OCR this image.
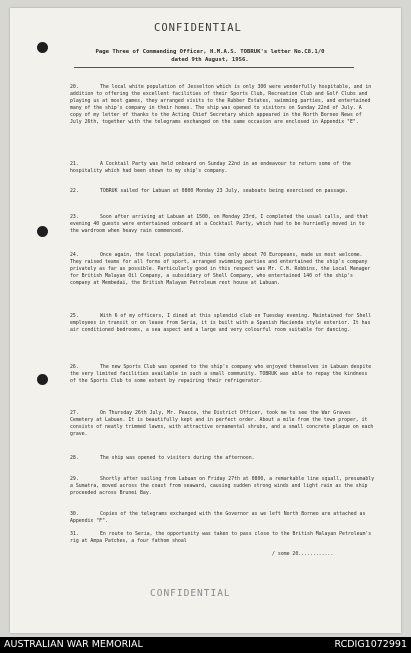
CONFIDENTIAL
Page Three of Commanding Officer, H.M.A.S. TOBRUK's letter No.C8.1/0
dated 9th August, 1956.
20.	The local white population of Jesselton which is only 300 were wonderfully hospitable, and in addition to offering the excellent facilities of their Sports Club, Recreation Club and Golf Clubs and playing us at most games, they arranged visits to the Rubber Estates, swimming parties, and entertained many of the ship's company in their homes. The ship was opened to visitors on Sunday 22nd of July. A copy of my letter of thanks to the Acting Chief Secretary which appeared in the North Borneo News of July 26th, together with the telegrams exchanged on the same occasion are enclosed in Appendix "E".
21.	A Cocktail Party was held onboard on Sunday 22nd in an endeavour to return some of the hospitality which had been shown to my ship's company.
22.	TOBRUK sailed for Labuan at 0800 Monday 23 July, seaboats being exercised on passage.
23.	Soon after arriving at Labuan at 1500, on Monday 23rd, I completed the usual calls, and that evening 40 guests were entertained onboard at a Cocktail Party, which had to be hurriedly moved in to the wardroom when heavy rain commenced.
24.	Once again, the local population, this time only about 70 Europeans, made us most welcome. They raised teams for all forms of sport, arranged swimming parties and entertained the ship's company privately as far as possible. Particularly good in this respect was Mr. C.H. Robbins, the Local Manager for British Malayan Oil Company, a subsidiary of Shell Company, who entertained 140 of the ship's company at Membedai, the British Malayan Petroleum rest house at Labuan.
25.	With 6 of my officers, I dined at this splendid club on Tuesday evening. Maintained for Shell employees in transit or on leave from Seria, it is built with a Spanish Hacienda style exterior. It has air conditioned bedrooms, a sea aspect and a large and very colourful room suitable for dancing.
26.	The new Sports Club was opened to the ship's company who enjoyed themselves in Labuan despite the very limited facilities available in such a small community. TOBRUK was able to repay the kindness of the Sports Club to some extent by repairing their refrigerator.
27.	On Thursday 26th July, Mr. Peacce, the District Officer, took me to see the War Graves Cemetery at Labuan. It is beautifully kept and in perfect order. About a mile from the town proper, it consists of neatly trimmed lawns, with attractive ornamental shrubs, and a small concrete plaque on each grave.
28.	The ship was opened to visitors during the afternoon.
29.	Shortly after sailing from Labuan on Friday 27th at 0800, a remarkable line squall, presumably a Sumatra, moved across the coast from seaward, causing sudden strong winds and light rain as the ship proceeded across Brunei Bay.
30.	Copies of the telegrams exchanged with the Governor as we left North Borneo are attached as Appendix "F".
31.	En route to Seria, the opportunity was taken to pass close to the British Malayan Petroleum's rig at Ampa Patches, a four fathom shoal
/ some 20............
CONFIDENTIAL
AUSTRALIAN WAR MEMORIAL	RCDIG1072991
